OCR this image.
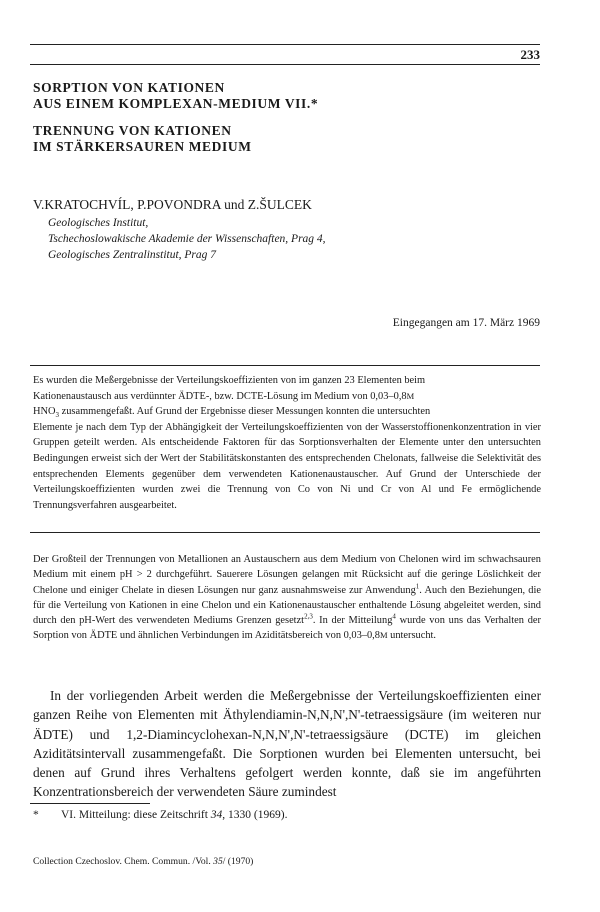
233
SORPTION VON KATIONEN
AUS EINEM KOMPLEXAN-MEDIUM VII.*
TRENNUNG VON KATIONEN
IM STÄRKERSAUREN MEDIUM
V.KRATOCHVÍL, P.POVONDRA und Z.ŠULCEK
Geologisches Institut,
Tschechoslowakische Akademie der Wissenschaften, Prag 4,
Geologisches Zentralinstitut, Prag 7
Eingegangen am 17. März 1969
Es wurden die Meßergebnisse der Verteilungskoeffizienten von im ganzen 23 Elementen beim
Kationenaustausch aus verdünnter ÄDTE-, bzw. DCTE-Lösung im Medium von 0,03–0,8M
$HNO_3$ zusammengefaßt. Auf Grund der Ergebnisse dieser Messungen konnten die untersuchten
Elemente je nach dem Typ der Abhängigkeit der Verteilungskoeffizienten von der Wasserstoffionenkonzentration in vier Gruppen geteilt werden. Als entscheidende Faktoren für das Sorptionsverhalten der Elemente unter den untersuchten Bedingungen erweist sich der Wert der Stabilitätskonstanten des entsprechenden Chelonats, fallweise die Selektivität des entsprechenden Elements gegenüber dem verwendeten Kationenaustauscher. Auf Grund der Unterschiede der Verteilungskoeffizienten wurden zwei die Trennung von Co von Ni und Cr von Al und Fe ermöglichende Trennungsverfahren ausgearbeitet.
Der Großteil der Trennungen von Metallionen an Austauschern aus dem Medium von Chelonen wird im schwachsauren Medium mit einem pH > 2 durchgeführt. Sauerere Lösungen gelangen mit Rücksicht auf die geringe Löslichkeit der Chelone und einiger Chelate in diesen Lösungen nur ganz ausnahmsweise zur Anwendung$^1$. Auch den Beziehungen, die für die Verteilung von Kationen in eine Chelon und ein Kationenaustauscher enthaltende Lösung abgeleitet werden, sind durch den pH-Wert des verwendeten Mediums Grenzen gesetzt$^{2,3}$. In der Mitteilung$^4$ wurde von uns das Verhalten der Sorption von ÄDTE und ähnlichen Verbindungen im Aziditätsbereich von 0,03–0,8M untersucht.
In der vorliegenden Arbeit werden die Meßergebnisse der Verteilungskoeffizienten einer ganzen Reihe von Elementen mit Äthylendiamin-N,N,N',N'-tetraessigsäure (im weiteren nur ÄDTE) und 1,2-Diamincyclohexan-N,N,N',N'-tetraessigsäure (DCTE) im gleichen Aziditätsintervall zusammengefaßt. Die Sorptionen wurden bei Elementen untersucht, bei denen auf Grund ihres Verhaltens gefolgert werden konnte, daß sie im angeführten Konzentrationsbereich der verwendeten Säure zumindest
* VI. Mitteilung: diese Zeitschrift 34, 1330 (1969).
Collection Czechoslov. Chem. Commun. /Vol. 35/ (1970)
